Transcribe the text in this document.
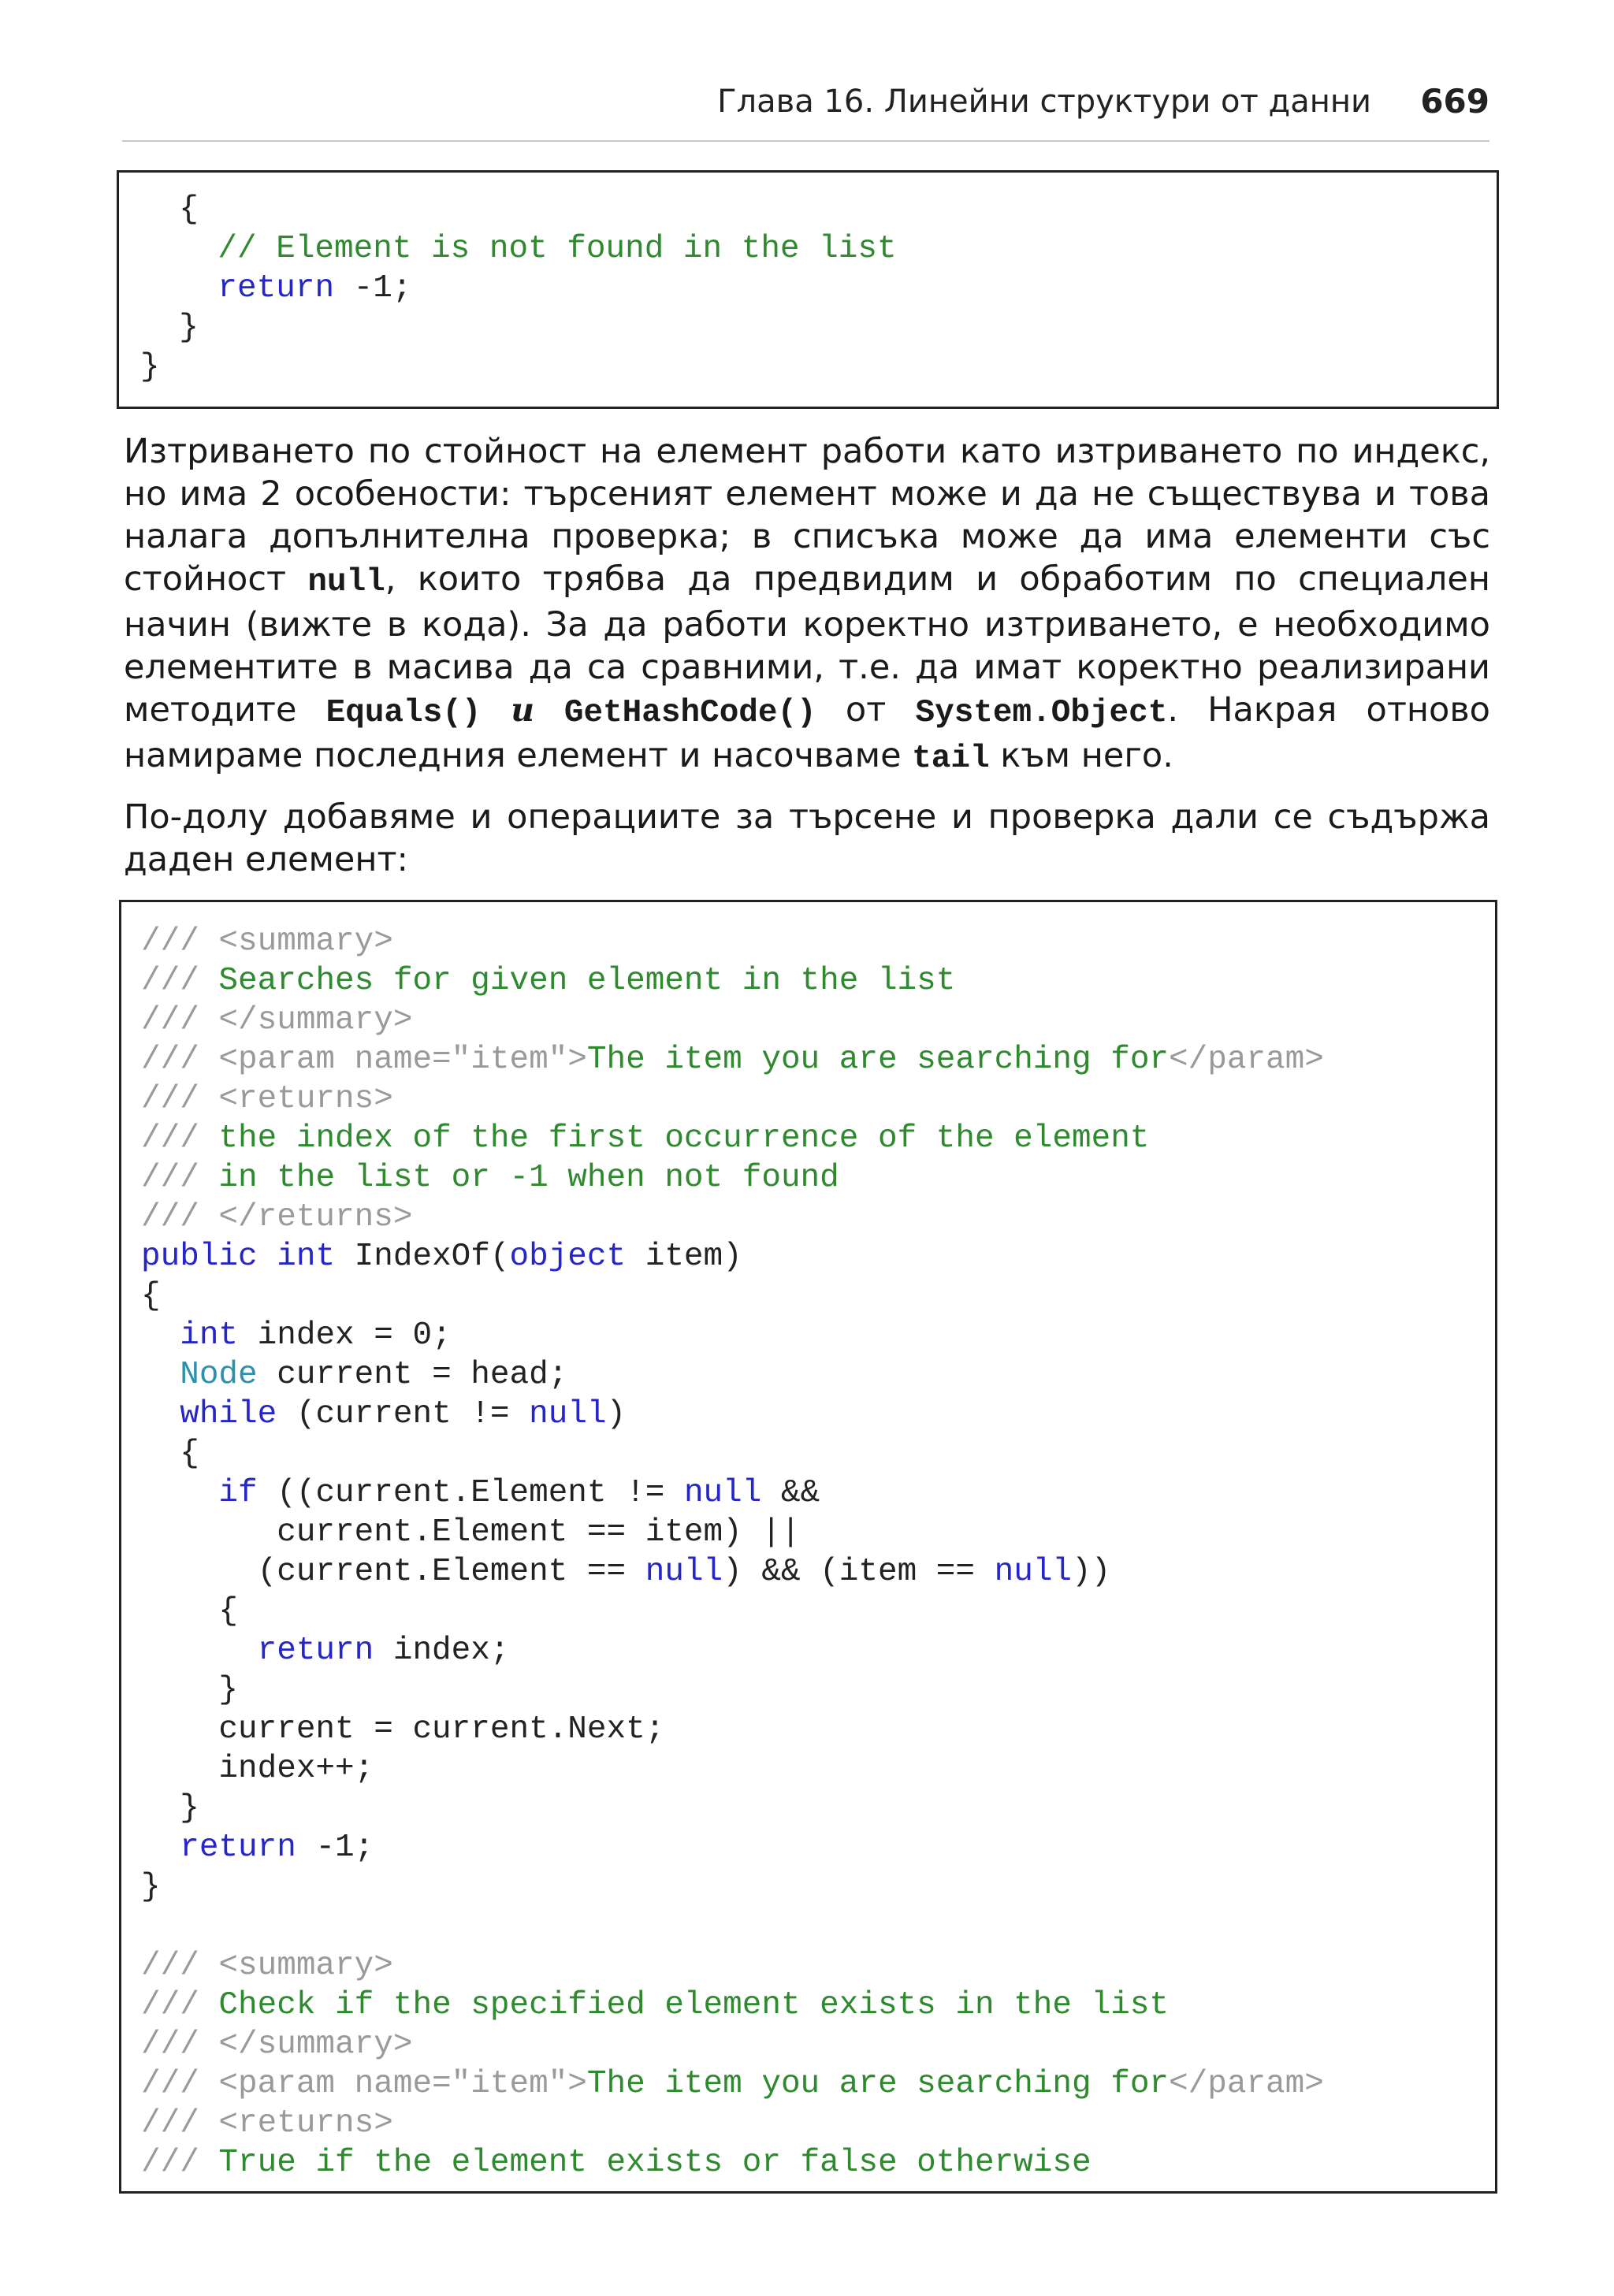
Глава 16. Линейни структури от данни 669
{
// Element is not found in the list
return -1;
}
}
Изтриването по стойност на елемент работи като изтриването по индекс,
но има 2 особености: търсеният елемент може и да не съществува и това
налага допълнителна проверка; в списъка може да има елементи със
стойност null, които трябва да предвидим и обработим по специален
начин (вижте в кода). За да работи коректно изтриването, е необходимо
елементите в масива да са сравними, т.е. да имат коректно реализирани
методите Equals() и GetHashCode() от System.Object. Накрая отново
намираме последния елемент и насочваме tail към него.
По-долу добавяме и операциите за търсене и проверка дали се съдържа
даден елемент:
/// <summary>
/// Searches for given element in the list
/// </summary>
/// <param name="item">The item you are searching for</param>
/// <returns>
/// the index of the first occurrence of the element
/// in the list or -1 when not found
/// </returns>
public int IndexOf(object item)
{
int index = 0;
Node current = head;
while (current != null)
{
if ((current.Element != null &&
current.Element == item) ||
(current.Element == null) && (item == null))
{
return index;
}
current = current.Next;
index++;
}
return -1;
}
/// <summary>
/// Check if the specified element exists in the list
/// </summary>
/// <param name="item">The item you are searching for</param>
/// <returns>
/// True if the element exists or false otherwise
